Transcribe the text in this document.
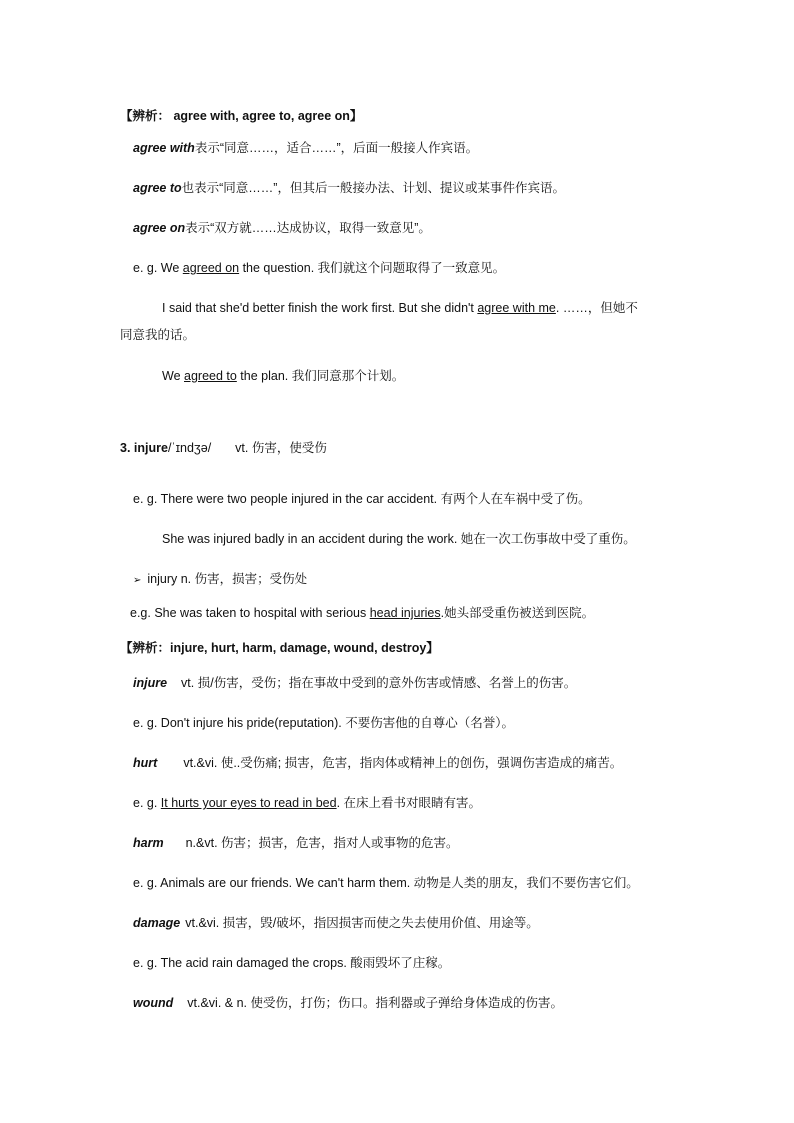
【辨析： agree with, agree to, agree on】
agree with表示“同意……，适合……”，后面一般接人作宾语。
agree to也表示“同意……”，但其后一般接办法、计划、提议或某事件作宾语。
agree on表示“双方就……达成协议，取得一致意见”。
e. g. We agreed on the question. 我们就这个问题取得了一致意见。
I said that she'd better finish the work first. But she didn't agree with me. ……，但她不
同意我的话。
We agreed to the plan. 我们同意那个计划。
3. injure/ˈɪndʒə/ vt. 伤害，使受伤
e. g. There were two people injured in the car accident. 有两个人在车祸中受了伤。
She was injured badly in an accident during the work. 她在一次工伤事故中受了重伤。
➢ injury n. 伤害，损害；受伤处
e.g. She was taken to hospital with serious head injuries.她头部受重伤被送到医院。
【辨析：injure, hurt, harm, damage, wound, destroy】
injure vt. 损/伤害，受伤；指在事故中受到的意外伤害或情感、名誉上的伤害。
e. g. Don't injure his pride(reputation). 不要伤害他的自尊心（名誉）。
hurt vt.&vi. 使..受伤痛; 损害，危害，指肉体或精神上的创伤，强调伤害造成的痛苦。
e. g. It hurts your eyes to read in bed. 在床上看书对眼睛有害。
harm n.&vt. 伤害；损害，危害，指对人或事物的危害。
e. g. Animals are our friends. We can't harm them. 动物是人类的朋友，我们不要伤害它们。
damage vt.&vi. 损害，毁/破坏，指因损害而使之失去使用价值、用途等。
e. g. The acid rain damaged the crops. 酸雨毁坏了庄稼。
wound vt.&vi. & n. 使受伤，打伤；伤口。指利器或子弹给身体造成的伤害。
